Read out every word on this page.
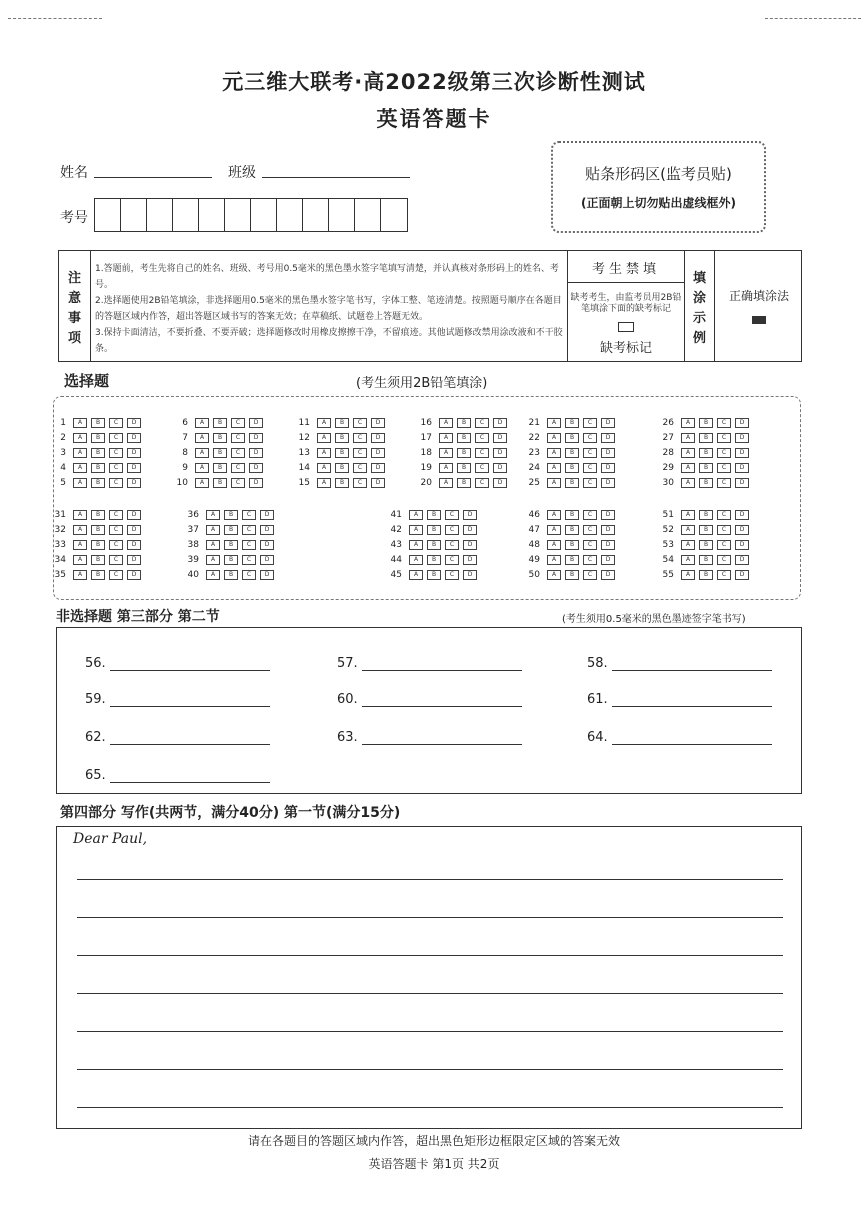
元三维大联考·高2022级第三次诊断性测试
英语答题卡
姓名	班级
考号
贴条形码区(监考员贴)
(正面朝上切勿贴出虚线框外)
注
意
事
项
1.答题前，考生先将自己的姓名、班级、考号用0.5毫米的黑色墨水签字笔填写清楚，并认真核对条形码上的姓名、考号。
2.选择题使用2B铅笔填涂，非选择题用0.5毫米的黑色墨水签字笔书写，字体工整、笔迹清楚。按照题号顺序在各题目的答题区域内作答，超出答题区域书写的答案无效；在草稿纸、试题卷上答题无效。
3.保持卡面清洁，不要折叠、不要弄破；选择题修改时用橡皮擦擦干净，不留痕迹。其他试题修改禁用涂改液和不干胶条。
考生禁填
缺考考生，由监考员用2B铅笔填涂下面的缺考标记
缺考标记
填
涂
示
例
正确填涂法
选择题	(考生须用2B铅笔填涂)
1	A	B	C	D
2	A	B	C	D
3	A	B	C	D
4	A	B	C	D
5	A	B	C	D
6	A	B	C	D
7	A	B	C	D
8	A	B	C	D
9	A	B	C	D
10	A	B	C	D
11	A	B	C	D
12	A	B	C	D
13	A	B	C	D
14	A	B	C	D
15	A	B	C	D
16	A	B	C	D
17	A	B	C	D
18	A	B	C	D
19	A	B	C	D
20	A	B	C	D
21	A	B	C	D
22	A	B	C	D
23	A	B	C	D
24	A	B	C	D
25	A	B	C	D
26	A	B	C	D
27	A	B	C	D
28	A	B	C	D
29	A	B	C	D
30	A	B	C	D
31	A	B	C	D
32	A	B	C	D
33	A	B	C	D
34	A	B	C	D
35	A	B	C	D
36	A	B	C	D
37	A	B	C	D
38	A	B	C	D
39	A	B	C	D
40	A	B	C	D
41	A	B	C	D
42	A	B	C	D
43	A	B	C	D
44	A	B	C	D
45	A	B	C	D
46	A	B	C	D
47	A	B	C	D
48	A	B	C	D
49	A	B	C	D
50	A	B	C	D
51	A	B	C	D
52	A	B	C	D
53	A	B	C	D
54	A	B	C	D
55	A	B	C	D
非选择题 第三部分 第二节	(考生须用0.5毫米的黑色墨迹签字笔书写)
56.	57.	58.
59.	60.	61.
62.	63.	64.
65.
第四部分 写作(共两节，满分40分) 第一节(满分15分)
Dear Paul,
请在各题目的答题区域内作答，超出黑色矩形边框限定区域的答案无效
英语答题卡 第1页 共2页
